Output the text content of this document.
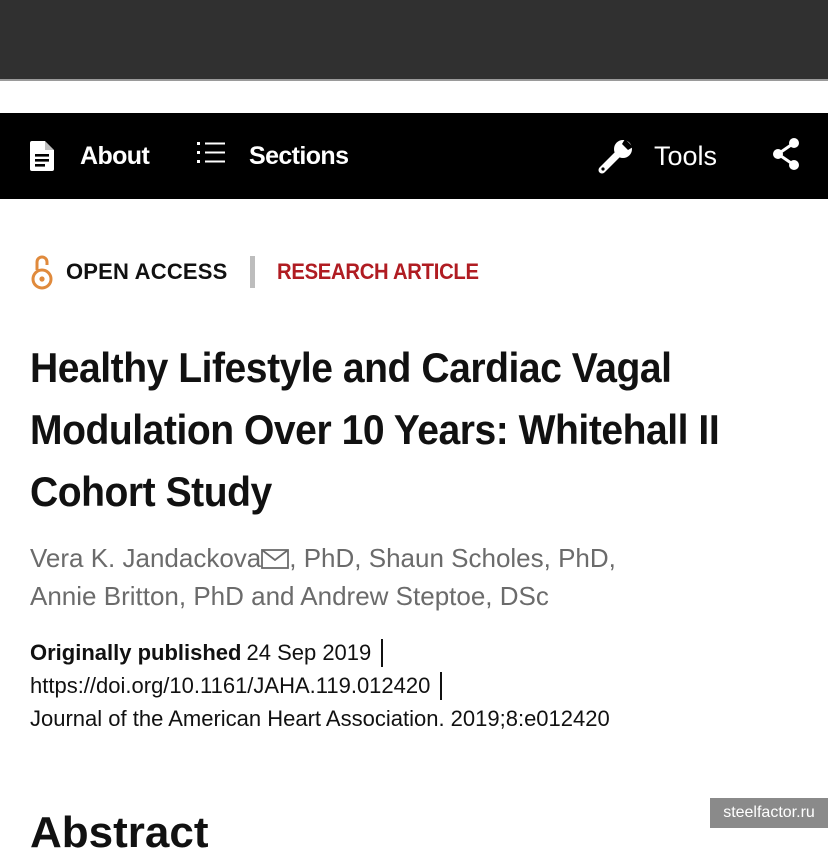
About	Sections	Tools
OPEN ACCESS RESEARCH ARTICLE
Healthy Lifestyle and Cardiac Vagal Modulation Over 10 Years: Whitehall II Cohort Study
Vera K. Jandackova , PhD, Shaun Scholes, PhD,
Annie Britton, PhD and Andrew Steptoe, DSc
Originally published 24 Sep 2019
https://doi.org/10.1161/JAHA.119.012420
Journal of the American Heart Association. 2019;8:e012420
Abstract	steelfactor.ru
